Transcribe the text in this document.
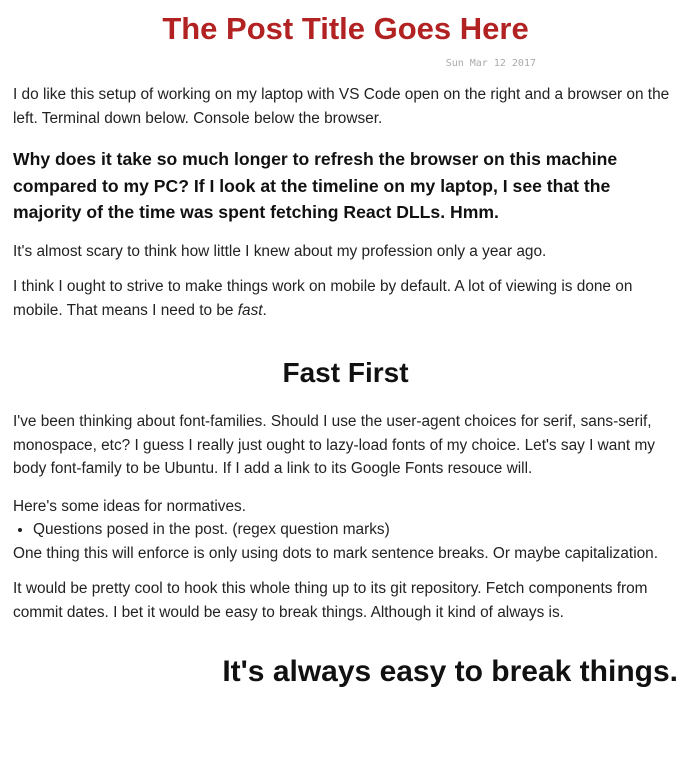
The Post Title Goes Here
Sun Mar 12 2017

I do like this setup of working on my laptop with VS Code open on the right and a browser on the left. Terminal down below. Console below the browser.

Why does it take so much longer to refresh the browser on this machine compared to my PC? If I look at the timeline on my laptop, I see that the majority of the time was spent fetching React DLLs. Hmm.

It's almost scary to think how little I knew about my profession only a year ago.

I think I ought to strive to make things work on mobile by default. A lot of viewing is done on mobile. That means I need to be fast.

Fast First

I've been thinking about font-families. Should I use the user-agent choices for serif, sans-serif, monospace, etc? I guess I really just ought to lazy-load fonts of my choice. Let's say I want my body font-family to be Ubuntu. If I add a link to its Google Fonts resouce will.

Here's some ideas for normatives.

• Questions posed in the post. (regex question marks)

One thing this will enforce is only using dots to mark sentence breaks. Or maybe capitalization.

It would be pretty cool to hook this whole thing up to its git repository. Fetch components from commit dates. I bet it would be easy to break things. Although it kind of always is.

It's always easy to break things.
